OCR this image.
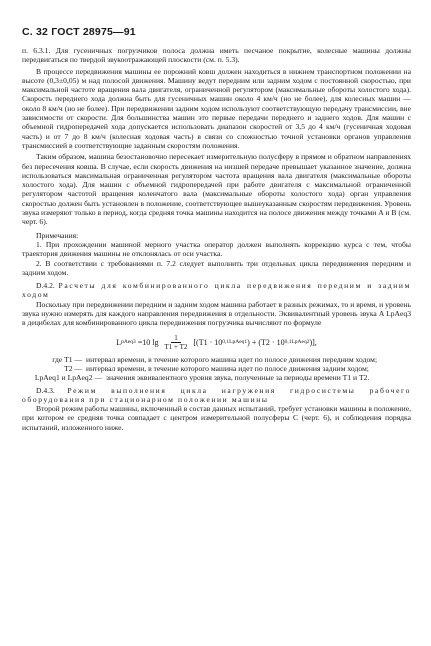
С. 32 ГОСТ 28975—91

п. 6.3.1. Для гусеничных погрузчиков полоса должна иметь песчаное покрытие, колесные машины должны передвигаться по твердой звукоотражающей плоскости (см. п. 5.3).

В процессе передвижения машины ее порожний ковш должен находиться в нижнем транспортном положении на высоте (0,3±0,05) м над полосой движения. Машину ведут передним или задним ходом с постоянной скоростью, при максимальной частоте вращения вала двигателя, ограниченной регулятором (максимальные обороты холостого хода). Скорость переднего хода должна быть для гусеничных машин около 4 км/ч (но не более), для колесных машин — около 8 км/ч (но не более). При передвижении задним ходом используют соответствующую передачу трансмиссии, вне зависимости от скорости. Для большинства машин это первые передачи переднего и заднего ходов. Для машин с объемной гидропередачей хода допускается использовать диапазон скоростей от 3,5 до 4 км/ч (гусеничная ходовая часть) и от 7 до 8 км/ч (колесная ходовая часть) в связи со сложностью точной установки органов управления трансмиссией в соответствующие заданным скоростям положения.

Таким образом, машина безостановочно пересекает измерительную полусферу в прямом и обратном направлениях без пересечения ковша. В случае, если скорость движения на низшей передаче превышает указанное значение, должна использоваться максимальная ограниченная регулятором частота вращения вала двигателя (максимальные обороты холостого хода). Для машин с объемной гидропередачей при работе двигателя с максимальной ограниченной регулятором частотой вращения коленчатого вала (максимальные обороты холостого хода) орган управления скоростью должен быть установлен в положение, соответствующее вышеуказанным скоростям передвижения. Уровень звука измеряют только в период, когда средняя точка машины находится на полосе движения между точками A и B (см. черт. 6).

Примечания:

1. При прохождении машиной мерного участка оператор должен выполнять коррекцию курса с тем, чтобы траектория движения машины не отклонялась от оси участка.

2. В соответствии с требованиями п. 7.2 следует выполнить три отдельных цикла передвижения передним и задним ходом.

D.4.2. Расчеты для комбинированного цикла передвижения передним и задним ходом

Поскольку при передвижении передним и задним ходом машина работает в разных режимах, то и время, и уровень звука нужно измерять для каждого направления передвижения в отдельности. Эквивалентный уровень звука A LpAeq3 в децибелах для комбинированного цикла передвижения погрузчика вычисляют по формуле

L pAeq3 =10 $\lg \frac{1}{T1 + T2} [(T1 \cdot 10$ 0,1LpAeq1 ) + (T2 · 10 0,1LpAeq2 )],
где T1 — интервал времени, в течение которого машина идет по полосе движения передним ходом;
T2 — интервал времени, в течение которого машина идет по полосе движения задним ходом;
LpAeq1 и LpAeq2 — значения эквивалентного уровня звука, полученные за периоды времени T1 и T2.

D.4.3. Режим выполнения цикла нагружения гидросистемы рабочего оборудования при стационарном положении машины

Второй режим работы машины, включенный в состав данных испытаний, требует установки машины в положение, при котором ее средняя точка совпадает с центром измерительной полусферы C (черт. 6), и соблюдения порядка испытаний, изложенного ниже.
